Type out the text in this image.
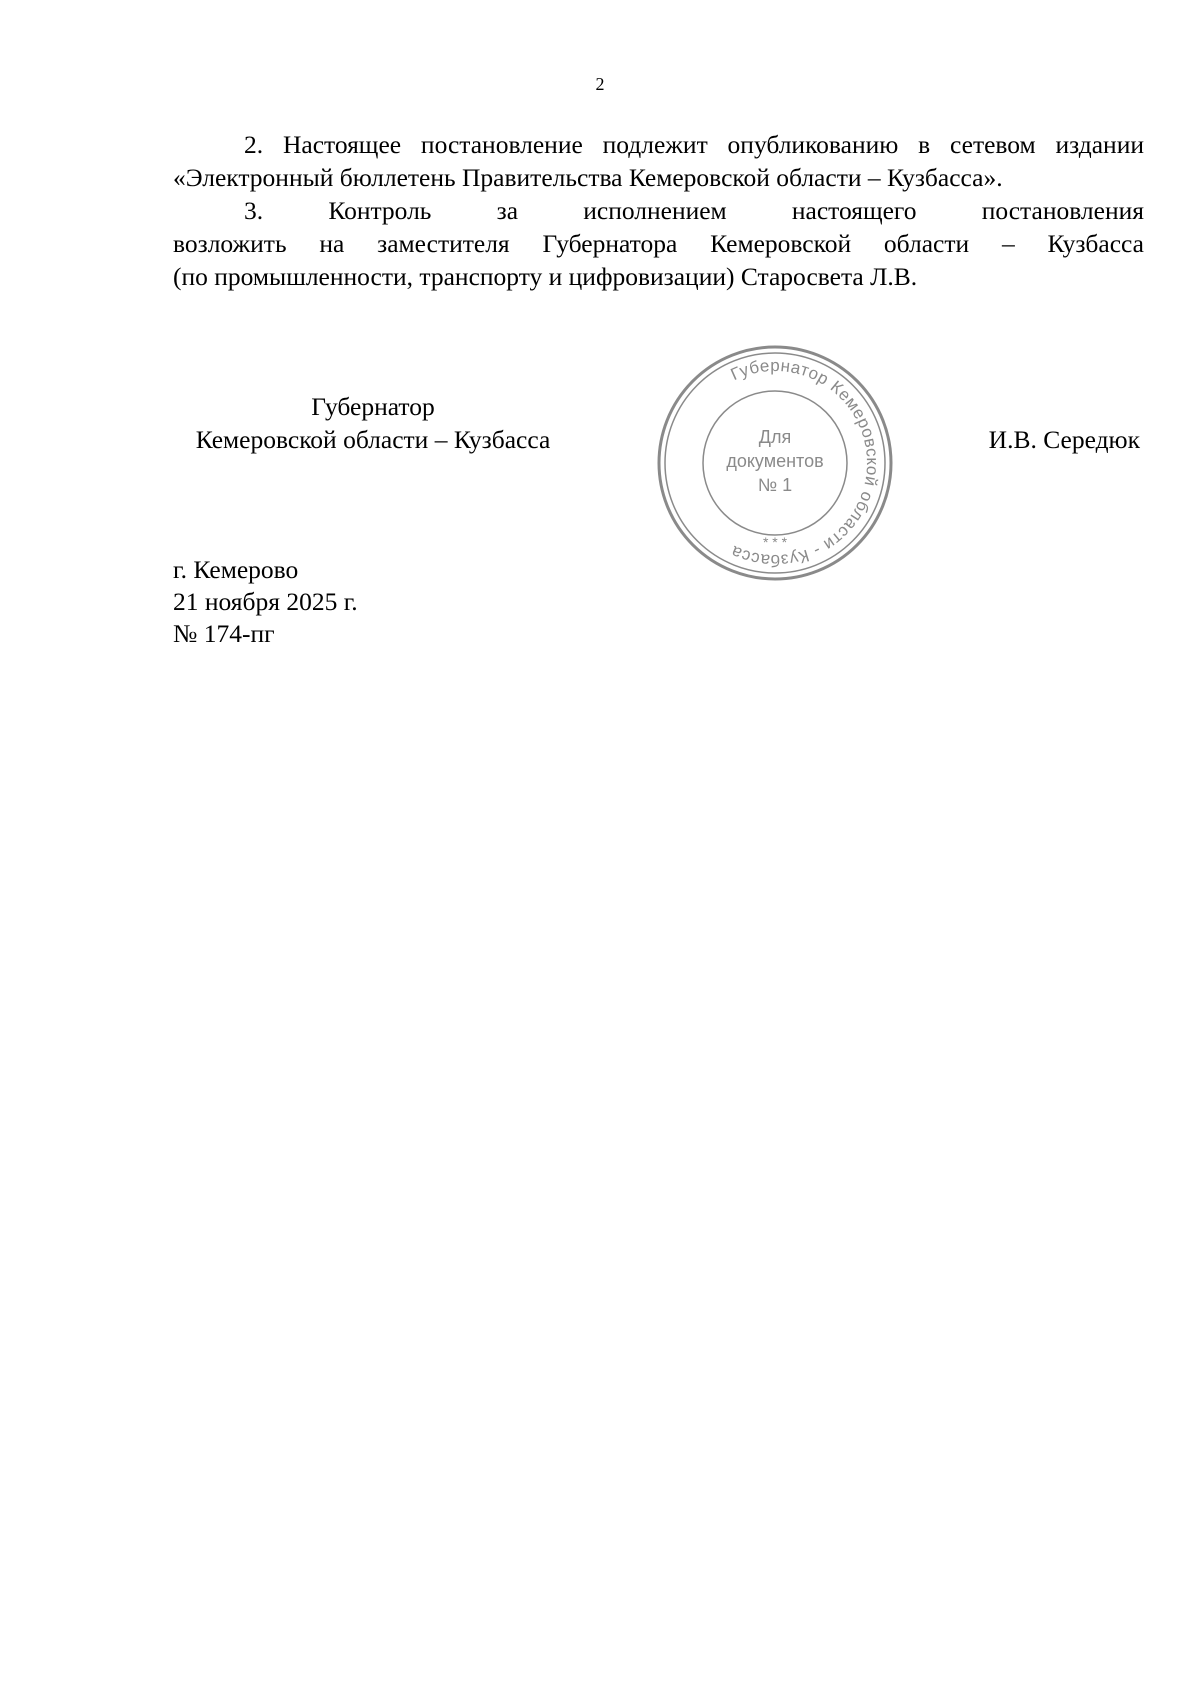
2

2. Настоящее постановление подлежит опубликованию в сетевом издании

«Электронный бюллетень Правительства Кемеровской области – Кузбасса».

3. Контроль за исполнением настоящего постановления

возложить на заместителя Губернатора Кемеровской области – Кузбасса

(по промышленности, транспорту и цифровизации) Старосвета Л.В.

Губернатор
Кемеровской области – Кузбасса	И.В. Середюк
Губернатор Кемеровской области - Кузбасса
Для
документов
№ 1
* * *
г. Кемерово
21 ноября 2025 г.
№ 174-пг
